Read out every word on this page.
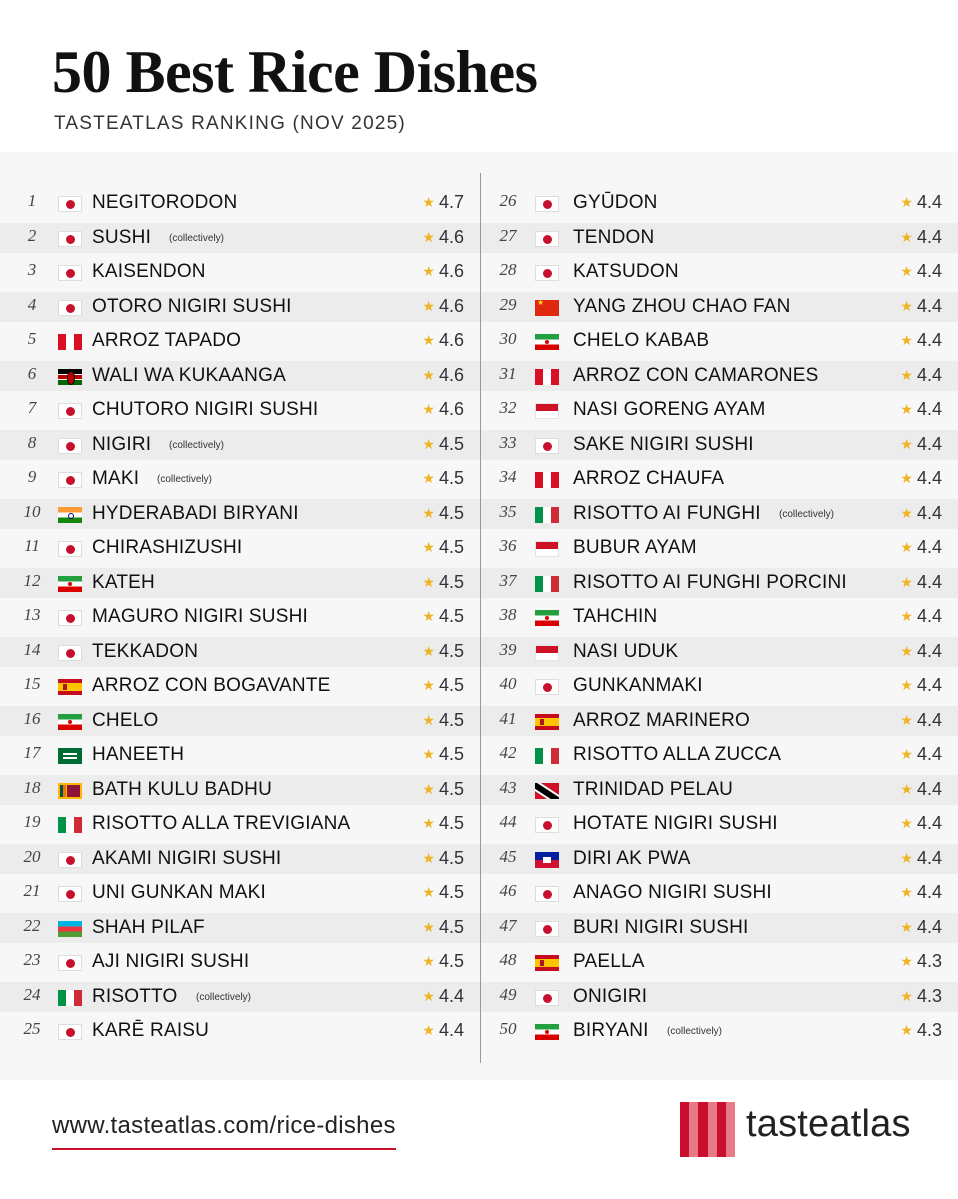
50 Best Rice Dishes
TASTEATLAS RANKING (NOV 2025)
1	NEGITORODON	★ 4.7
2	SUSHI (collectively)	★ 4.6
3	KAISENDON	★ 4.6
4	OTORO NIGIRI SUSHI	★ 4.6
5	ARROZ TAPADO	★ 4.6
6	WALI WA KUKAANGA	★ 4.6
7	CHUTORO NIGIRI SUSHI	★ 4.6
8	NIGIRI (collectively)	★ 4.5
9	MAKI (collectively)	★ 4.5
10	HYDERABADI BIRYANI	★ 4.5
11	CHIRASHIZUSHI	★ 4.5
12	KATEH	★ 4.5
13	MAGURO NIGIRI SUSHI	★ 4.5
14	TEKKADON	★ 4.5
15	ARROZ CON BOGAVANTE	★ 4.5
16	CHELO	★ 4.5
17	HANEETH	★ 4.5
18	BATH KULU BADHU	★ 4.5
19	RISOTTO ALLA TREVIGIANA	★ 4.5
20	AKAMI NIGIRI SUSHI	★ 4.5
21	UNI GUNKAN MAKI	★ 4.5
22	SHAH PILAF	★ 4.5
23	AJI NIGIRI SUSHI	★ 4.5
24	RISOTTO (collectively)	★ 4.4
25	KARĒ RAISU	★ 4.4
26	GYŪDON	★ 4.4
27	TENDON	★ 4.4
28	KATSUDON	★ 4.4
29
★	YANG ZHOU CHAO FAN	★ 4.4
30	CHELO KABAB	★ 4.4
31	ARROZ CON CAMARONES	★ 4.4
32	NASI GORENG AYAM	★ 4.4
33	SAKE NIGIRI SUSHI	★ 4.4
34	ARROZ CHAUFA	★ 4.4
35	RISOTTO AI FUNGHI (collectively)	★ 4.4
36	BUBUR AYAM	★ 4.4
37	RISOTTO AI FUNGHI PORCINI	★ 4.4
38	TAHCHIN	★ 4.4
39	NASI UDUK	★ 4.4
40	GUNKANMAKI	★ 4.4
41	ARROZ MARINERO	★ 4.4
42	RISOTTO ALLA ZUCCA	★ 4.4
43	TRINIDAD PELAU	★ 4.4
44	HOTATE NIGIRI SUSHI	★ 4.4
45	DIRI AK PWA	★ 4.4
46	ANAGO NIGIRI SUSHI	★ 4.4
47	BURI NIGIRI SUSHI	★ 4.4
48	PAELLA	★ 4.3
49	ONIGIRI	★ 4.3
50	BIRYANI (collectively)	★ 4.3
www.tasteatlas.com/rice-dishes	tasteatlas
